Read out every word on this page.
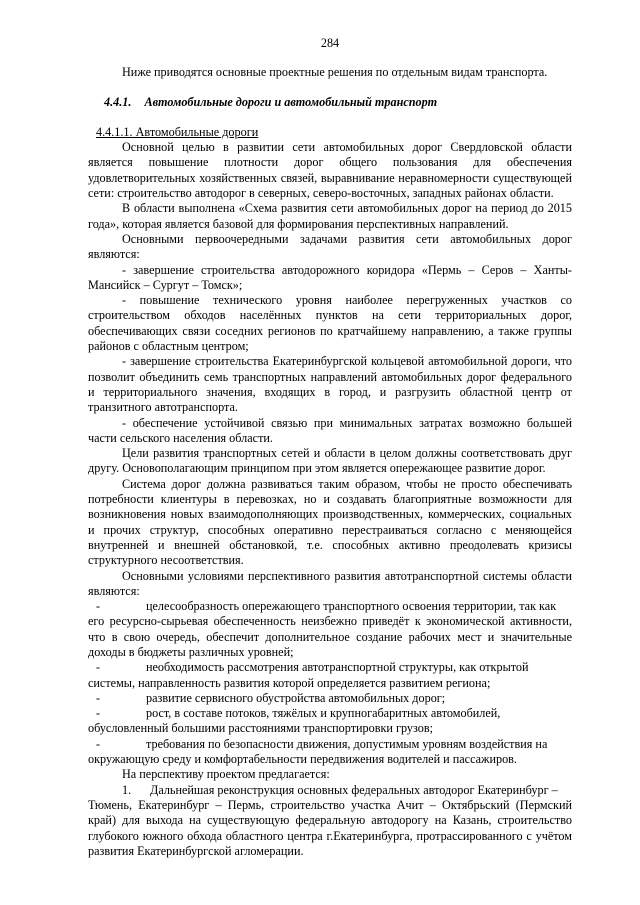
284

Ниже приводятся основные проектные решения по отдельным видам транспорта.

4.4.1. Автомобильные дороги и автомобильный транспорт
4.4.1.1. Автомобильные дороги

Основной целью в развитии сети автомобильных дорог Свердловской области является повышение плотности дорог общего пользования для обеспечения удовлетворительных хозяйственных связей, выравнивание неравномерности существующей сети: строительство автодорог в северных, северо-восточных, западных районах области.

В области выполнена «Схема развития сети автомобильных дорог на период до 2015 года», которая является базовой для формирования перспективных направлений.

Основными первоочередными задачами развития сети автомобильных дорог являются:

- завершение строительства автодорожного коридора «Пермь – Серов – Ханты-Мансийск – Сургут – Томск»;

- повышение технического уровня наиболее перегруженных участков со строительством обходов населённых пунктов на сети территориальных дорог, обеспечивающих связи соседних регионов по кратчайшему направлению, а также группы районов с областным центром;

- завершение строительства Екатеринбургской кольцевой автомобильной дороги, что позволит объединить семь транспортных направлений автомобильных дорог федерального и территориального значения, входящих в город, и разгрузить областной центр от транзитного автотранспорта.

- обеспечение устойчивой связью при минимальных затратах возможно большей части сельского населения области.

Цели развития транспортных сетей и области в целом должны соответствовать друг другу. Основополагающим принципом при этом является опережающее развитие дорог.

Система дорог должна развиваться таким образом, чтобы не просто обеспечивать потребности клиентуры в перевозках, но и создавать благоприятные возможности для возникновения новых взаимодополняющих производственных, коммерческих, социальных и прочих структур, способных оперативно перестраиваться согласно с меняющейся внутренней и внешней обстановкой, т.е. способных активно преодолевать кризисы структурного несоответствия.

Основными условиями перспективного развития автотранспортной системы области являются:

-	целесообразность опережающего транспортного освоения территории, так как

его ресурсно-сырьевая обеспеченность неизбежно приведёт к экономической активности, что в свою очередь, обеспечит дополнительное создание рабочих мест и значительные доходы в бюджеты различных уровней;

-	необходимость рассмотрения автотранспортной структуры, как открытой

системы, направленность развития которой определяется развитием региона;

-	развитие сервисного обустройства автомобильных дорог;
-	рост, в составе потоков, тяжёлых и крупногабаритных автомобилей,

обусловленный большими расстояниями транспортировки грузов;

-	требования по безопасности движения, допустимым уровням воздействия на

окружающую среду и комфортабельности передвижения водителей и пассажиров.

На перспективу проектом предлагается:

1.	Дальнейшая реконструкция основных федеральных автодорог Екатеринбург –

Тюмень, Екатеринбург – Пермь, строительство участка Ачит – Октябрьский (Пермский край) для выхода на существующую федеральную автодорогу на Казань, строительство глубокого южного обхода областного центра г.Екатеринбурга, протрассированного с учётом развития Екатеринбургской агломерации.
